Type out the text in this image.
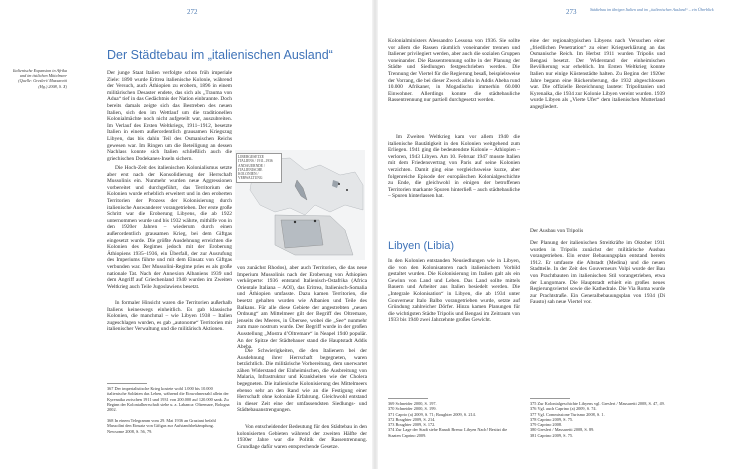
272
Der Städtebau im „italienischen Ausland“
Italienische Expansion in Afrika und im östlichen Mittelmeer (Quelle: Gresleri/ Massaretti (Hg.) 2008, S. X)

Der junge Staat Italien verfolgte schon früh imperiale Ziele: 1890 wurde Eritrea italienische Kolonie, während der Versuch, auch Äthiopien zu erobern, 1896 in einem militärischen Desaster endete, das sich als „Trauma von Adua“ tief in das Gedächtnis der Nation einbrannte. Doch bereits damals zeigte sich das Bestreben des neuen Italien, sich den im Wettlauf um die traditionellen Kolonialmächte noch nicht aufgeteilt war, auszubreiten. Im Verlauf des Ersten Weltkriegs, 1911–1912, besetzte Italien in einem außerordentlich grausamen Kriegszug Libyen, das bis dahin Teil des Osmanischen Reichs gewesen war. Im Ringen um die Beteiligung an dessen Nachlass konnte sich Italien schließlich auch die griechischen Dodekanes-Inseln sichern.

Die Hoch-Zeit des italienischen Kolonialismus setzte aber erst nach der Konsolidierung der Herrschaft Mussolinis ein. Nunmehr wurden neue Aggressionen vorbereitet und durchgeführt, das Territorium der Kolonien wurde erheblich erweitert und in den eroberten Territorien der Prozess der Kolonisierung durch italienische Auswanderer vorangetrieben. Der erste große Schritt war die Eroberung Libyens, die ab 1922 unternommen wurde und bis 1932 währte, mithilfe von in den 1920er Jahren – wiederum durch einen außerordentlich grausamen Krieg, bei dem Giftgas eingesetzt wurde. Die größte Ausdehnung erreichten die Kolonien des Regimes jedoch mit der Eroberung Äthiopiens 1935–1936, ein Überfall, der zur Ausrufung des Imperiums führte und mit dem Einsatz von Giftgas verbunden war. Der Mussolini-Regime pries es als große nationale Tat. Nach der Annexion Albaniens 1939 und dem Angriff auf Griechenland 1940 wurden im Zweiten Weltkrieg auch Teile Jugoslawiens besetzt.

In formaler Hinsicht waren die Territorien außerhalb Italiens keineswegs einheitlich. Es gab klassische Kolonien, die manchmal – wie Libyen 1938 – Italien zugeschlagen wurden, es gab „autonome“ Territorien mit italienischer Verwaltung und die militärisch Aktionen.

LIBERGESETZE ITALIENS / 1911–1936 ANDAUERNDE / ITALIENISCHE KOLONIEN / VERWALTUNG

von zunächst Rhodos), aber auch Territorien, die das neue Imperium Mussolinis nach der Eroberung von Äthiopien verkörperte: 1936 entstand Italienisch-Ostafrika (Africa Orientale Italiana – AOI), das Eritrea, Italienisch-Somalia und Äthiopien umfasste. Dazu kamen Territorien, die besetzt gehalten wurden wie Albanien und Teile des Balkans. Für alle diese Gebiete der angestrebten „neuen Ordnung“ am Mittelmeer gilt der Begriff des Oltremare, jenseits des Meeres, in Übersee, wobei die „See“ nunmehr zum mare nostrum wurde. Der Begriff wurde in der großen Ausstellung „Mostra d’Oltremare“ in Neapel 1940 populär. An der Spitze der Städtebauer stand die Hauptstadt Addis Abeba.

Die Schwierigkeiten, die den Italienern bei der Ausdehnung ihrer Herrschaft begegneten, waren beträchtlich. Die militärische Vorbereitung, dem unerwartet zähen Widerstand der Einheimischen, die Ausbreitung von Malaria, Infrastruktur und Krankheiten wie der Cholera begegneten. Die italienische Kolonisierung des Mittelmeers ebenso sehr an den Rand wie an die Festigung einer Herrschaft ohne koloniale Erfahrung. Gleichwohl entstand in dieser Zeit eine der umfassendsten Siedlungs- und Städtebauanstrengungen.

Von entscheidender Bedeutung für den Städtebau in den kolonisierten Gebieten während der zweiten Hälfte der 1930er Jahre war die Politik der Rassentrennung. Grundlage dafür waren entsprechende Gesetze.

367 Der imperialistische Krieg kostete wohl 1.000 bis 10.000 italienische Soldaten das Leben, während die Einwohnerzahl allein der Kyrenaika zwischen 1911 und 1931 von 200.000 auf 120.000 sank. Zu Beginn der Kolonialherrschaft siehe u. a. Labanca: Oltremare, Bologna 2002.
368 In einem Telegramm vom 29. Mai 1936 an Graziani befahl Mussolini den Einsatz von Giftgas zur Aufstandsbekämpfung. Newsome 2008, S. 56, 79.
273	Städtebau im übrigen Italien und im „italienischen Ausland“ – ein Überblick

Kolonialministers Alessandro Lessona von 1936. Sie sollte vor allem die Rassen räumlich voneinander trennen und Italiener privilegiert werden, aber auch die sozialen Gruppen voneinander. Die Rassentrennung sollte in der Planung der Städte und Siedlungen festgeschrieben werden. Die Trennung der Viertel für die Regierung besaß, beispielsweise der Vorrang, die bei dieser Zweck allein in Addis Abeba rund 10.000 Afrikaner, in Mogadischu immerhin 60.000 Einwohner. Allerdings konnte die städtebauliche Rassentrennung nur partiell durchgesetzt werden.

Im Zweiten Weltkrieg kam vor allem 1940 die italienische Bautätigkeit in den Kolonien weitgehend zum Erliegen. 1941 ging die bedeutendste Kolonie – Äthiopien – verloren, 1943 Libyen. Am 10. Februar 1947 musste Italien mit dem Friedensvertrag von Paris auf seine Kolonien verzichten. Damit ging eine vergleichsweise kurze, aber folgenreiche Episode der europäischen Kolonialgeschichte zu Ende, die gleichwohl in einigen der betroffenen Territorien markante Spuren hinterließ – auch städtebauliche – Spuren hinterlassen hat.

Libyen (Libia)

In den Kolonien entstanden Neusiedlungen wie in Libyen, die von den Kolonisatoren nach italienischem Vorbild gestaltet wurden. Die Kolonisierung im Italien galt als ein Gewinn von Land und Leben. Das Land sollte mittels Bauern und Arbeiter aus Italien besiedelt werden. Die „Integrale Kolonisation“ in Libyen, die ab 1934 unter Gouverneur Italo Balbo vorangetrieben wurde, setzte auf Gründung zahlreicher Dörfer. Hinzu kamen Planungen für die wichtigsten Städte Tripolis und Bengasi im Zeitraum von 1933 bis 1940 zwei Jahrzehnte großes Gewicht.

369 Schneider 2000, S. 197.
370 Schneider 2000, S. 199.
371 Caprio (a) 2009, S. 71; Boughter 2009, S. 214.
372 Boughter 2009, S. 214.
373 Boughter 2009, S. 172.
374 Zur Lage der Stadt siehe Ranafi Brenu: Libyen Nach! Besitzt die Staaten Caprino 2009.

eine der regionaltypischen Libyens nach Versuchen einer „friedlichen Penetration“ zu einer Kriegserklärung an das Osmanische Reich. Im Herbst 1911 wurden Tripolis und Bengasi besetzt. Der Widerstand der einheimischen Bevölkerung war erheblich. Im Ersten Weltkrieg konnte Italien nur einige Küstenstädte halten. Zu Beginn der 1920er Jahre begann eine Rückeroberung, die 1932 abgeschlossen war. Die offizielle Bezeichnung lautete: Tripolitanien und Kyrenaika, die 1934 zur Kolonie Libyen vereint wurden. 1939 wurde Libyen als „Vierte Ufer“ dem italienischen Mutterland angegliedert.

Der Ausbau von Tripolis

Der Planung der italienischen Streitkräfte im Oktober 1911 wurden in Tripolis zunächst der militärische Ausbau vorangetrieben. Ein erster Bebauungsplan entstand bereits 1912. Er umfasste die Altstadt (Medina) und die neuen Stadtteile. In der Zeit des Gouverneurs Volpi wurde der Bau von Prachtbauten im italienischen Stil vorangetrieben, etwa der Lungomare. Die Hauptstadt erhielt ein großes neues Regierungsviertel sowie die Kathedrale. Die Via Roma wurde zur Prachtstraße. Ein Generalbebauungsplan von 1934 (Di Fausto) sah neue Viertel vor.

375 Zur Kolonialgeschichte Libyens vgl. Gresleri / Massaretti 2008, S. 47, 49.
376 Vgl. auch Caprino (a) 2009, S. 74.
377 Vgl. Commissione Turismo 2008, S. 1.
378 Caprino 2009, S. 75.
379 Caprino 2008.
380 Gresleri / Massaretti 2008, S. 89.
381 Caprino 2009, S. 75.
